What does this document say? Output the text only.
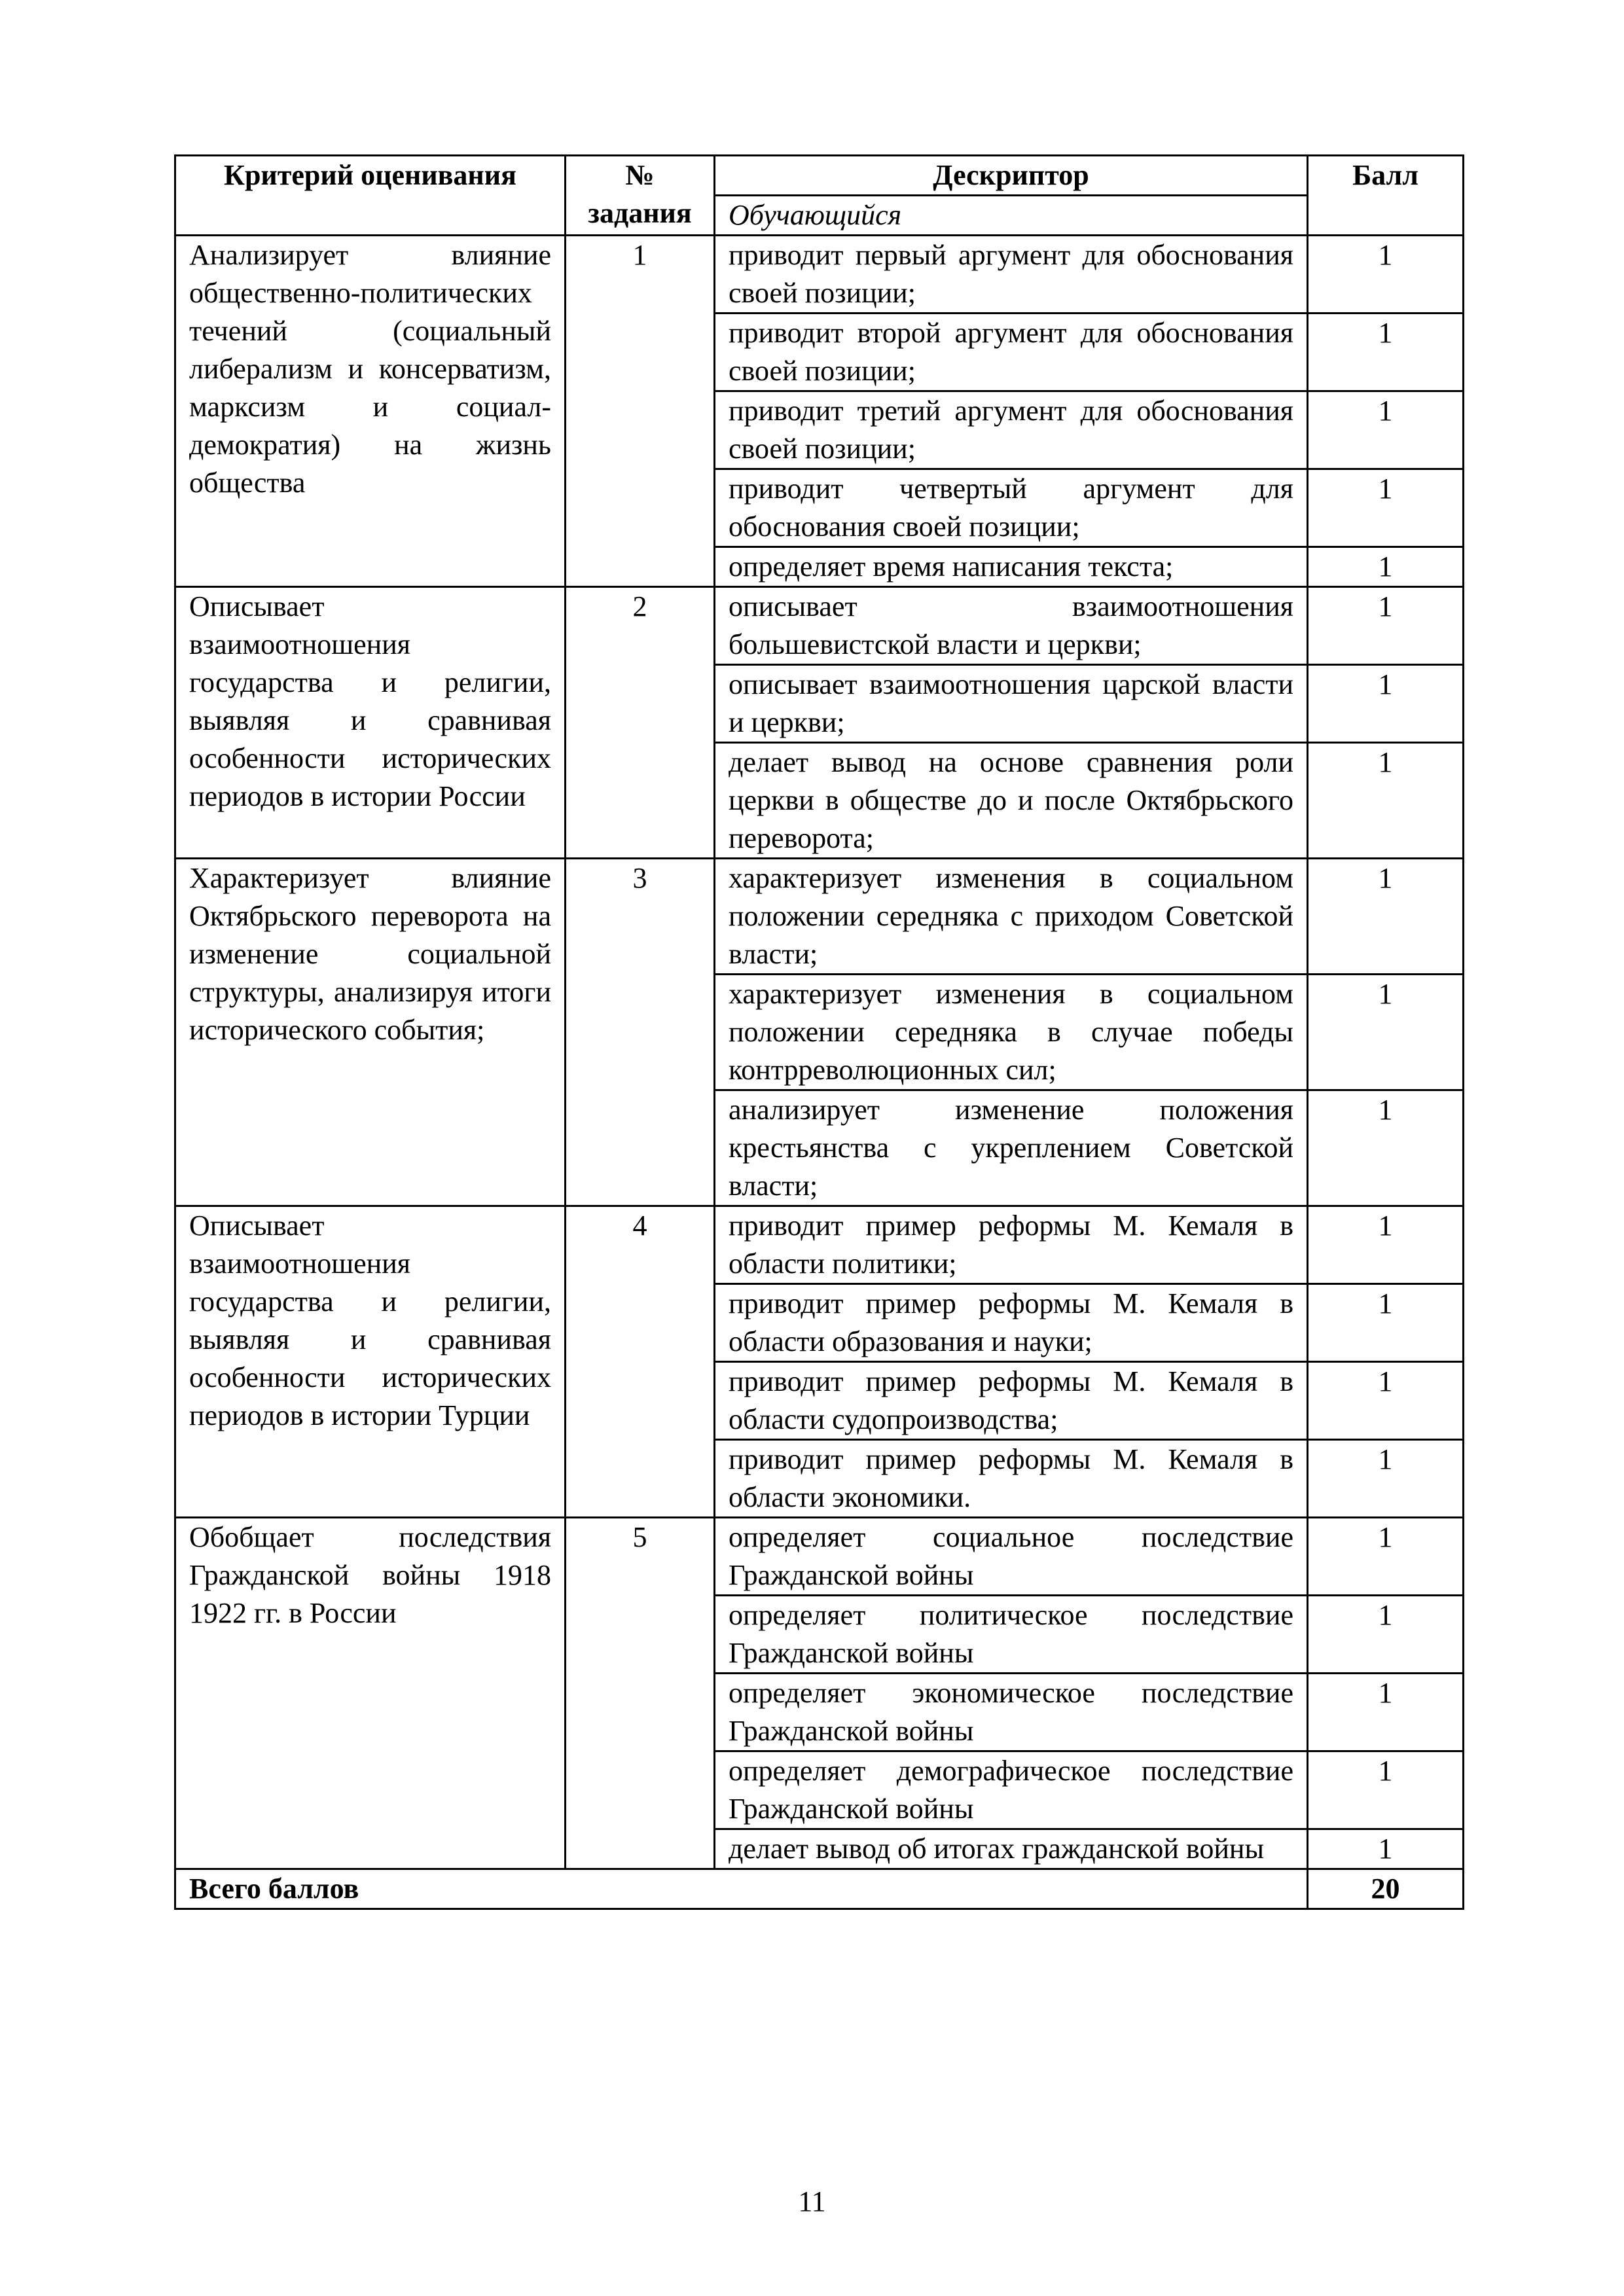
Критерий оценивания	№ задания	Дескриптор	Балл
		Обучающийся	
Анализирует влияние общественно-политических течений (социальный либерализм и консерватизм, марксизм и социал-демократия) на жизнь общества	1	приводит первый аргумент для обоснования своей позиции;	1
		приводит второй аргумент для обоснования своей позиции;	1
		приводит третий аргумент для обоснования своей позиции;	1
		приводит четвертый аргумент для обоснования своей позиции;	1
		определяет время написания текста;	1
Описывает взаимоотношения государства и религии, выявляя и сравнивая особенности исторических периодов в истории России	2	описывает взаимоотношения большевистской власти и церкви;	1
		описывает взаимоотношения царской власти и церкви;	1
		делает вывод на основе сравнения роли церкви в обществе до и после Октябрьского переворота;	1
Характеризует влияние Октябрьского переворота на изменение социальной структуры, анализируя итоги исторического события;	3	характеризует изменения в социальном положении середняка с приходом Советской власти;	1
		характеризует изменения в социальном положении середняка в случае победы контрреволюционных сил;	1
		анализирует изменение положения крестьянства с укреплением Советской власти;	1
Описывает взаимоотношения государства и религии, выявляя и сравнивая особенности исторических периодов в истории Турции	4	приводит пример реформы М. Кемаля в области политики;	1
		приводит пример реформы М. Кемаля в области образования и науки;	1
		приводит пример реформы М. Кемаля в области судопроизводства;	1
		приводит пример реформы М. Кемаля в области экономики.	1
Обобщает последствия Гражданской войны 1918 1922 гг. в России	5	определяет социальное последствие Гражданской войны	1
		определяет политическое последствие Гражданской войны	1
		определяет экономическое последствие Гражданской войны	1
		определяет демографическое последствие Гражданской войны	1
		делает вывод об итогах гражданской войны	1
Всего баллов			20
11
